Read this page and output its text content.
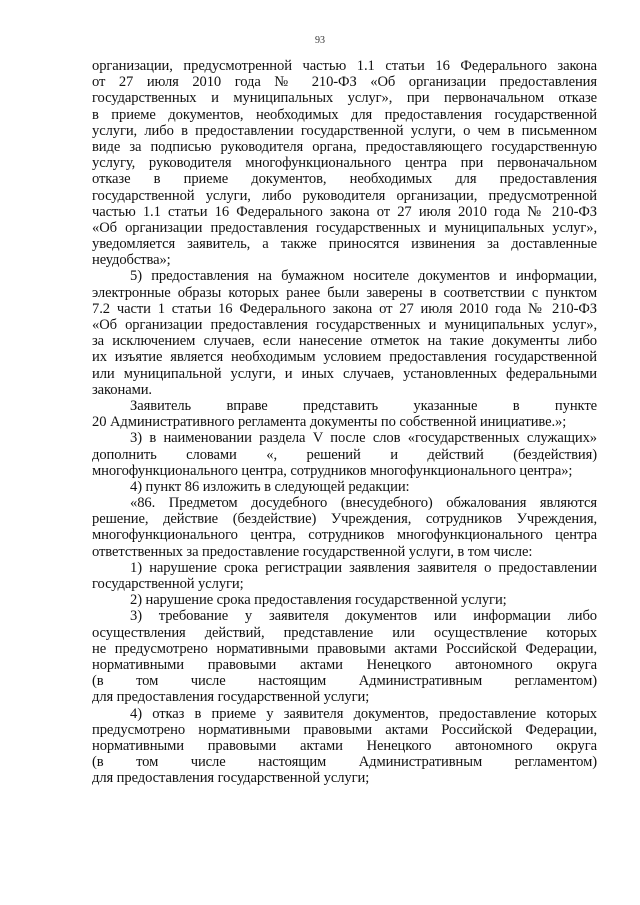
93
организации, предусмотренной частью 1.1 статьи 16 Федерального закона
от 27 июля 2010 года № 210-ФЗ «Об организации предоставления
государственных и муниципальных услуг», при первоначальном отказе
в приеме документов, необходимых для предоставления государственной
услуги, либо в предоставлении государственной услуги, о чем в письменном
виде за подписью руководителя органа, предоставляющего государственную
услугу, руководителя многофункционального центра при первоначальном
отказе в приеме документов, необходимых для предоставления
государственной услуги, либо руководителя организации, предусмотренной
частью 1.1 статьи 16 Федерального закона от 27 июля 2010 года № 210-ФЗ
«Об организации предоставления государственных и муниципальных услуг»,
уведомляется заявитель, а также приносятся извинения за доставленные
неудобства»;
5) предоставления на бумажном носителе документов и информации,
электронные образы которых ранее были заверены в соответствии с пунктом
7.2 части 1 статьи 16 Федерального закона от 27 июля 2010 года № 210-ФЗ
«Об организации предоставления государственных и муниципальных услуг»,
за исключением случаев, если нанесение отметок на такие документы либо
их изъятие является необходимым условием предоставления государственной
или муниципальной услуги, и иных случаев, установленных федеральными
законами.
Заявитель вправе представить указанные в пункте
20 Административного регламента документы по собственной инициативе.»;
3) в наименовании раздела V после слов «государственных служащих»
дополнить словами «, решений и действий (бездействия)
многофункционального центра, сотрудников многофункционального центра»;
4) пункт 86 изложить в следующей редакции:
«86. Предметом досудебного (внесудебного) обжалования являются
решение, действие (бездействие) Учреждения, сотрудников Учреждения,
многофункционального центра, сотрудников многофункционального центра
ответственных за предоставление государственной услуги, в том числе:
1) нарушение срока регистрации заявления заявителя о предоставлении
государственной услуги;
2) нарушение срока предоставления государственной услуги;
3) требование у заявителя документов или информации либо
осуществления действий, представление или осуществление которых
не предусмотрено нормативными правовыми актами Российской Федерации,
нормативными правовыми актами Ненецкого автономного округа
(в том числе настоящим Административным регламентом)
для предоставления государственной услуги;
4) отказ в приеме у заявителя документов, предоставление которых
предусмотрено нормативными правовыми актами Российской Федерации,
нормативными правовыми актами Ненецкого автономного округа
(в том числе настоящим Административным регламентом)
для предоставления государственной услуги;
